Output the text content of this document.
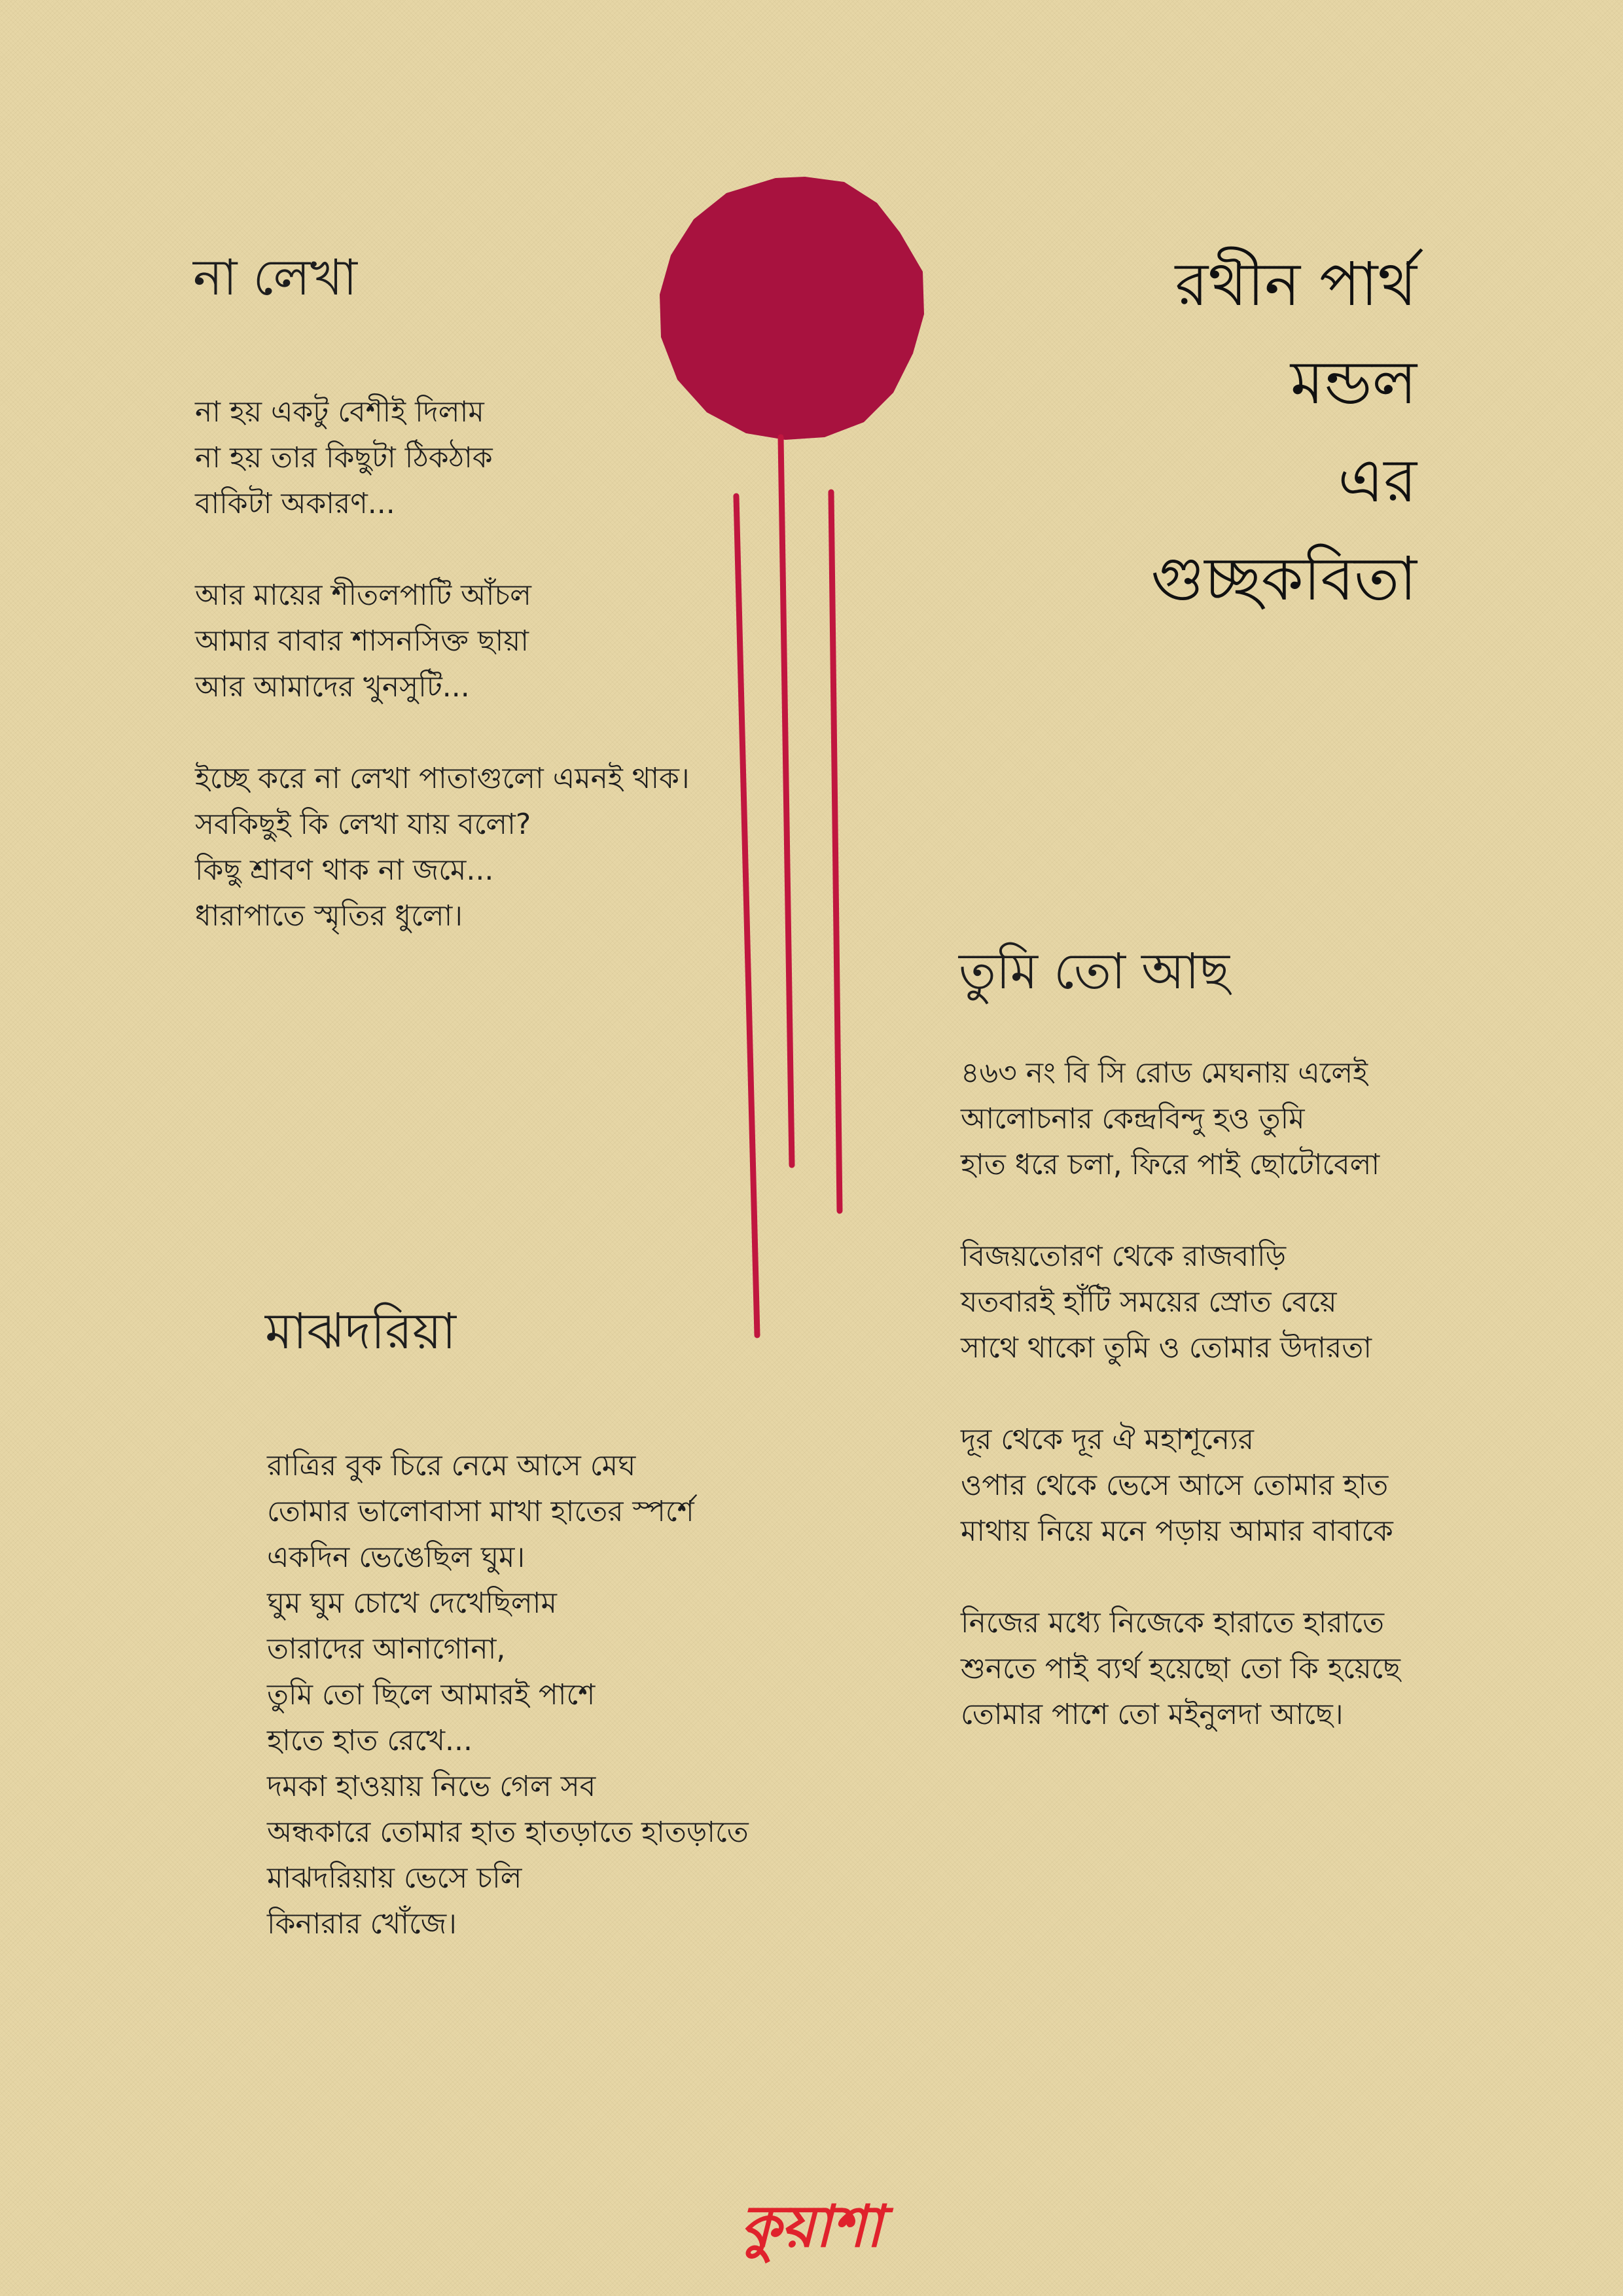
না লেখা
না হয় একটু বেশীই দিলাম
না হয় তার কিছুটা ঠিকঠাক
বাকিটা অকারণ...
আর মায়ের শীতলপাটি আঁচল
আমার বাবার শাসনসিক্ত ছায়া
আর আমাদের খুনসুটি...
ইচ্ছে করে না লেখা পাতাগুলো এমনই থাক।
সবকিছুই কি লেখা যায় বলো?
কিছু শ্রাবণ থাক না জমে...
ধারাপাতে স্মৃতির ধুলো।
রথীন পার্থ
মন্ডল
এর
গুচ্ছকবিতা
তুমি তো আছ
৪৬৩ নং বি সি রোড মেঘনায় এলেই
আলোচনার কেন্দ্রবিন্দু হও তুমি
হাত ধরে চলা, ফিরে পাই ছোটোবেলা
বিজয়তোরণ থেকে রাজবাড়ি
যতবারই হাঁটি সময়ের স্রোত বেয়ে
সাথে থাকো তুমি ও তোমার উদারতা
দূর থেকে দূর ঐ মহাশূন্যের
ওপার থেকে ভেসে আসে তোমার হাত
মাথায় নিয়ে মনে পড়ায় আমার বাবাকে
নিজের মধ্যে নিজেকে হারাতে হারাতে
শুনতে পাই ব্যর্থ হয়েছো তো কি হয়েছে
তোমার পাশে তো মইনুলদা আছে।
মাঝদরিয়া
রাত্রির বুক চিরে নেমে আসে মেঘ
তোমার ভালোবাসা মাখা হাতের স্পর্শে
একদিন ভেঙেছিল ঘুম।
ঘুম ঘুম চোখে দেখেছিলাম
তারাদের আনাগোনা,
তুমি তো ছিলে আমারই পাশে
হাতে হাত রেখে...
দমকা হাওয়ায় নিভে গেল সব
অন্ধকারে তোমার হাত হাতড়াতে হাতড়াতে
মাঝদরিয়ায় ভেসে চলি
কিনারার খোঁজে।
কুয়াশা
